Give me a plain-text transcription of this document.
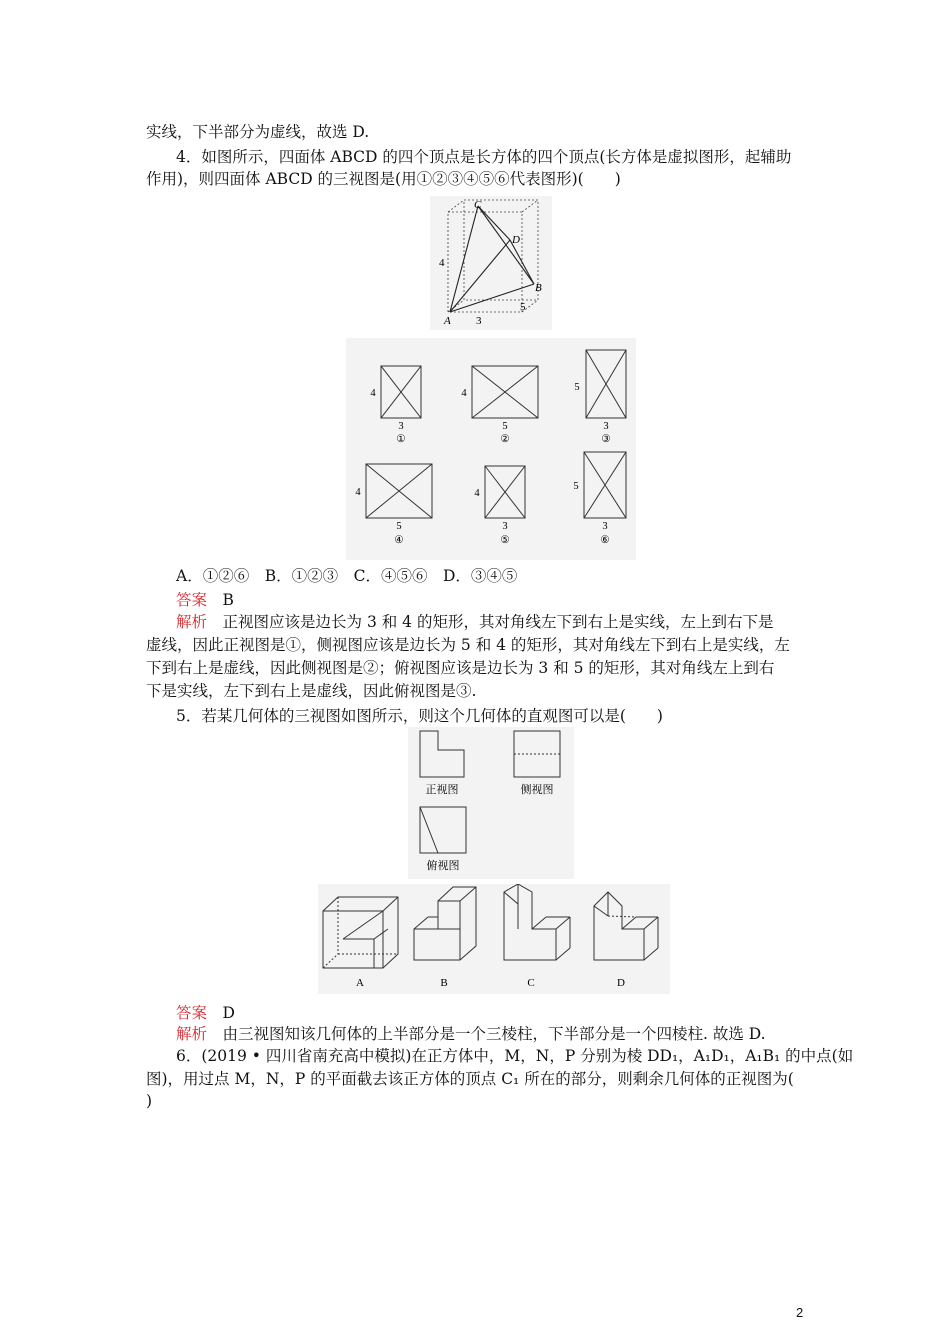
实线，下半部分为虚线，故选 D.
4．如图所示，四面体 ABCD 的四个顶点是长方体的四个顶点(长方体是虚拟图形，起辅助
作用)，则四面体 ABCD 的三视图是(用①②③④⑤⑥代表图形)(　　)
C
D
B
A
4
3
5
4
3
①
4
5
②
5
3
③
4
5
④
4
3
⑤
5
3
⑥
A．①②⑥　B．①②③　C．④⑤⑥　D．③④⑤
答案　B
解析　正视图应该是边长为 3 和 4 的矩形，其对角线左下到右上是实线，左上到右下是
虚线，因此正视图是①，侧视图应该是边长为 5 和 4 的矩形，其对角线左下到右上是实线，左
下到右上是虚线，因此侧视图是②；俯视图应该是边长为 3 和 5 的矩形，其对角线左上到右
下是实线，左下到右上是虚线，因此俯视图是③.
5．若某几何体的三视图如图所示，则这个几何体的直观图可以是(　　)
正视图	侧视图
俯视图
A	B	C	D
答案　D
解析　由三视图知该几何体的上半部分是一个三棱柱，下半部分是一个四棱柱. 故选 D.
6．(2019 • 四川省南充高中模拟)在正方体中，M，N，P 分别为棱 DD₁，A₁D₁，A₁B₁ 的中点(如
图)，用过点 M，N，P 的平面截去该正方体的顶点 C₁ 所在的部分，则剩余几何体的正视图为(
)
2
